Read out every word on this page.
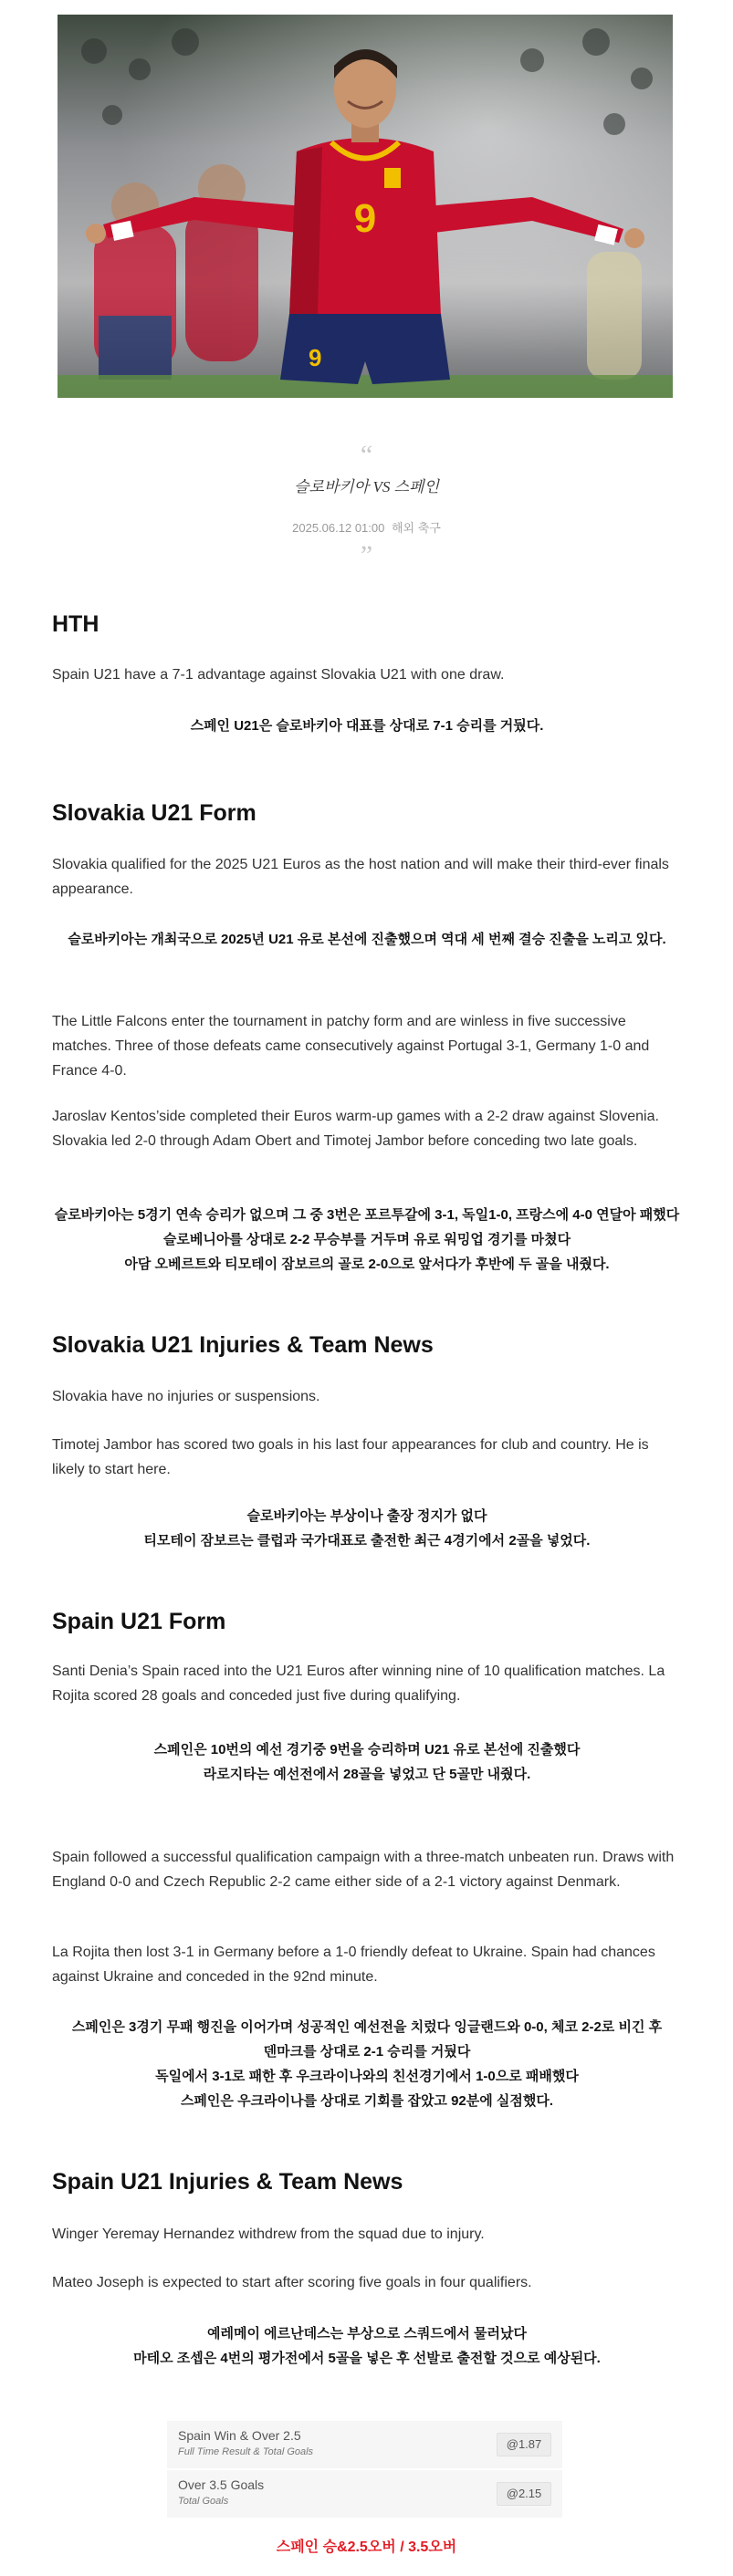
9
9
“
슬로바키아 VS 스페인
2025.06.12 01:00 해외 축구
”
HTH

Spain U21 have a 7-1 advantage against Slovakia U21 with one draw.

스페인 U21은 슬로바키아 대표를 상대로 7-1 승리를 거뒀다.
Slovakia U21 Form

Slovakia qualified for the 2025 U21 Euros as the host nation and will make their third-ever finals appearance.

슬로바키아는 개최국으로 2025년 U21 유로 본선에 진출했으며 역대 세 번째 결승 진출을 노리고 있다.

The Little Falcons enter the tournament in patchy form and are winless in five successive matches. Three of those defeats came consecutively against Portugal 3-1, Germany 1-0 and France 4-0.

Jaroslav Kentos’side completed their Euros warm-up games with a 2-2 draw against Slovenia. Slovakia led 2-0 through Adam Obert and Timotej Jambor before conceding two late goals.

슬로바키아는 5경기 연속 승리가 없으며 그 중 3번은 포르투갈에 3-1, 독일1-0, 프랑스에 4-0 연달아 패했다
슬로베니아를 상대로 2-2 무승부를 거두며 유로 워밍업 경기를 마쳤다
아담 오베르트와 티모테이 잠보르의 골로 2-0으로 앞서다가 후반에 두 골을 내줬다.
Slovakia U21 Injuries & Team News

Slovakia have no injuries or suspensions.

Timotej Jambor has scored two goals in his last four appearances for club and country. He is likely to start here.

슬로바키아는 부상이나 출장 정지가 없다
티모테이 잠보르는 클럽과 국가대표로 출전한 최근 4경기에서 2골을 넣었다.
Spain U21 Form

Santi Denia’s Spain raced into the U21 Euros after winning nine of 10 qualification matches. La Rojita scored 28 goals and conceded just five during qualifying.

스페인은 10번의 예선 경기중 9번을 승리하며 U21 유로 본선에 진출했다
라로지타는 예선전에서 28골을 넣었고 단 5골만 내줬다.

Spain followed a successful qualification campaign with a three-match unbeaten run. Draws with England 0-0 and Czech Republic 2-2 came either side of a 2-1 victory against Denmark.

La Rojita then lost 3-1 in Germany before a 1-0 friendly defeat to Ukraine. Spain had chances against Ukraine and conceded in the 92nd minute.

스페인은 3경기 무패 행진을 이어가며 성공적인 예선전을 치렀다 잉글랜드와 0-0, 체코 2-2로 비긴 후
덴마크를 상대로 2-1 승리를 거뒀다
독일에서 3-1로 패한 후 우크라이나와의 친선경기에서 1-0으로 패배했다
스페인은 우크라이나를 상대로 기회를 잡았고 92분에 실점했다.
Spain U21 Injuries & Team News

Winger Yeremay Hernandez withdrew from the squad due to injury.

Mateo Joseph is expected to start after scoring five goals in four qualifiers.

예레메이 에르난데스는 부상으로 스쿼드에서 물러났다
마테오 조셉은 4번의 평가전에서 5골을 넣은 후 선발로 출전할 것으로 예상된다.
Spain Win & Over 2.5
Full Time Result & Total Goals
@1.87
Over 3.5 Goals
Total Goals
@2.15
스페인 승&2.5오버 / 3.5오버
